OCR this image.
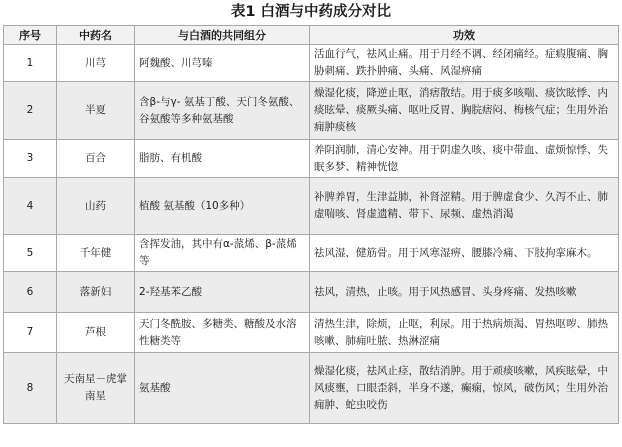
表1 白酒与中药成分对比
序号	中药名	与白酒的共同组分	功效
1	川芎	阿魏酸、川芎嗪	活血行气，祛风止痛。用于月经不调、经闭痛经。症瘕腹痛、胸胁刺痛、跌扑肿痛、头痛、风湿痹痛
2	半夏	含β-与γ- 氨基丁酸、天门冬氨酸、谷氨酸等多种氨基酸	燥湿化痰，降逆止呕，消痞散结。用于痰多咳喘、痰饮眩悸、内痰眩晕、痰厥头痛、呕吐反胃、胸脘痞闷、梅核气症；生用外治痈肿痰核
3	百合	脂肪、有机酸	养阴润肺，清心安神。用于阴虚久咳、痰中带血、虚烦惊悸、失眠多梦、精神恍惚
4	山药	植酸 氨基酸（10多种）	补脾养胃，生津益肺，补肾涩精。用于脾虚食少、久泻不止、肺虚喘咳、肾虚遗精、带下、尿频、虚热消渴
5	千年健	含挥发油，其中有α-蒎烯、β-蒎烯等	祛风湿，健筋骨。用于风寒湿痹、腰膝冷痛、下肢拘挛麻木。
6	落新妇	2-羟基苯乙酸	祛风，清热，止咳。用于风热感冒、头身疼痛、发热咳嗽
7	芦根	天门冬酰胺、多糖类、糖酸及水溶性糖类等	清热生津，除烦，止呕，利尿。用于热病烦渴、胃热呕哕、肺热咳嗽、肺痈吐脓、热淋涩痛
8	天南星－虎掌南星	氨基酸	燥湿化痰，祛风止痉，散结消肿。用于顽痰咳嗽，风疾眩晕，中风痰壅，口眼歪斜，半身不遂，癫痫，惊风，破伤风；生用外治痈肿、蛇虫咬伤
